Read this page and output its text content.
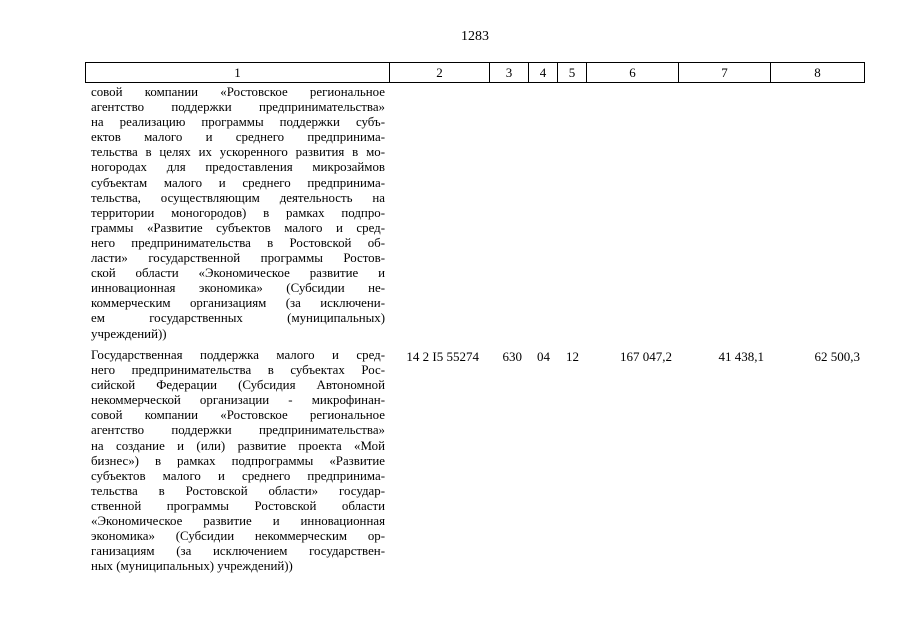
1283
1	2	3	4	5	6	7	8
совой компании «Ростовское региональное
агентство поддержки предпринимательства»
на реализацию программы поддержки субъ-
ектов малого и среднего предпринима-
тельства в целях их ускоренного развития в мо-
ногородах для предоставления микрозаймов
субъектам малого и среднего предпринима-
тельства, осуществляющим деятельность на
территории моногородов) в рамках подпро-
граммы «Развитие субъектов малого и сред-
него предпринимательства в Ростовской об-
ласти» государственной программы Ростов-
ской области «Экономическое развитие и
инновационная экономика» (Субсидии не-
коммерческим организациям (за исключени-
ем государственных (муниципальных)
учреждений))
Государственная поддержка малого и сред-
него предпринимательства в субъектах Рос-
сийской Федерации (Субсидия Автономной
некоммерческой организации - микрофинан-
совой компании «Ростовское региональное
агентство поддержки предпринимательства»
на создание и (или) развитие проекта «Мой
бизнес») в рамках подпрограммы «Развитие
субъектов малого и среднего предпринима-
тельства в Ростовской области» государ-
ственной программы Ростовской области
«Экономическое развитие и инновационная
экономика» (Субсидии некоммерческим ор-
ганизациям (за исключением государствен-
ных (муниципальных) учреждений))
14 2 I5 55274	630	04	12	167 047,2	41 438,1	62 500,3
